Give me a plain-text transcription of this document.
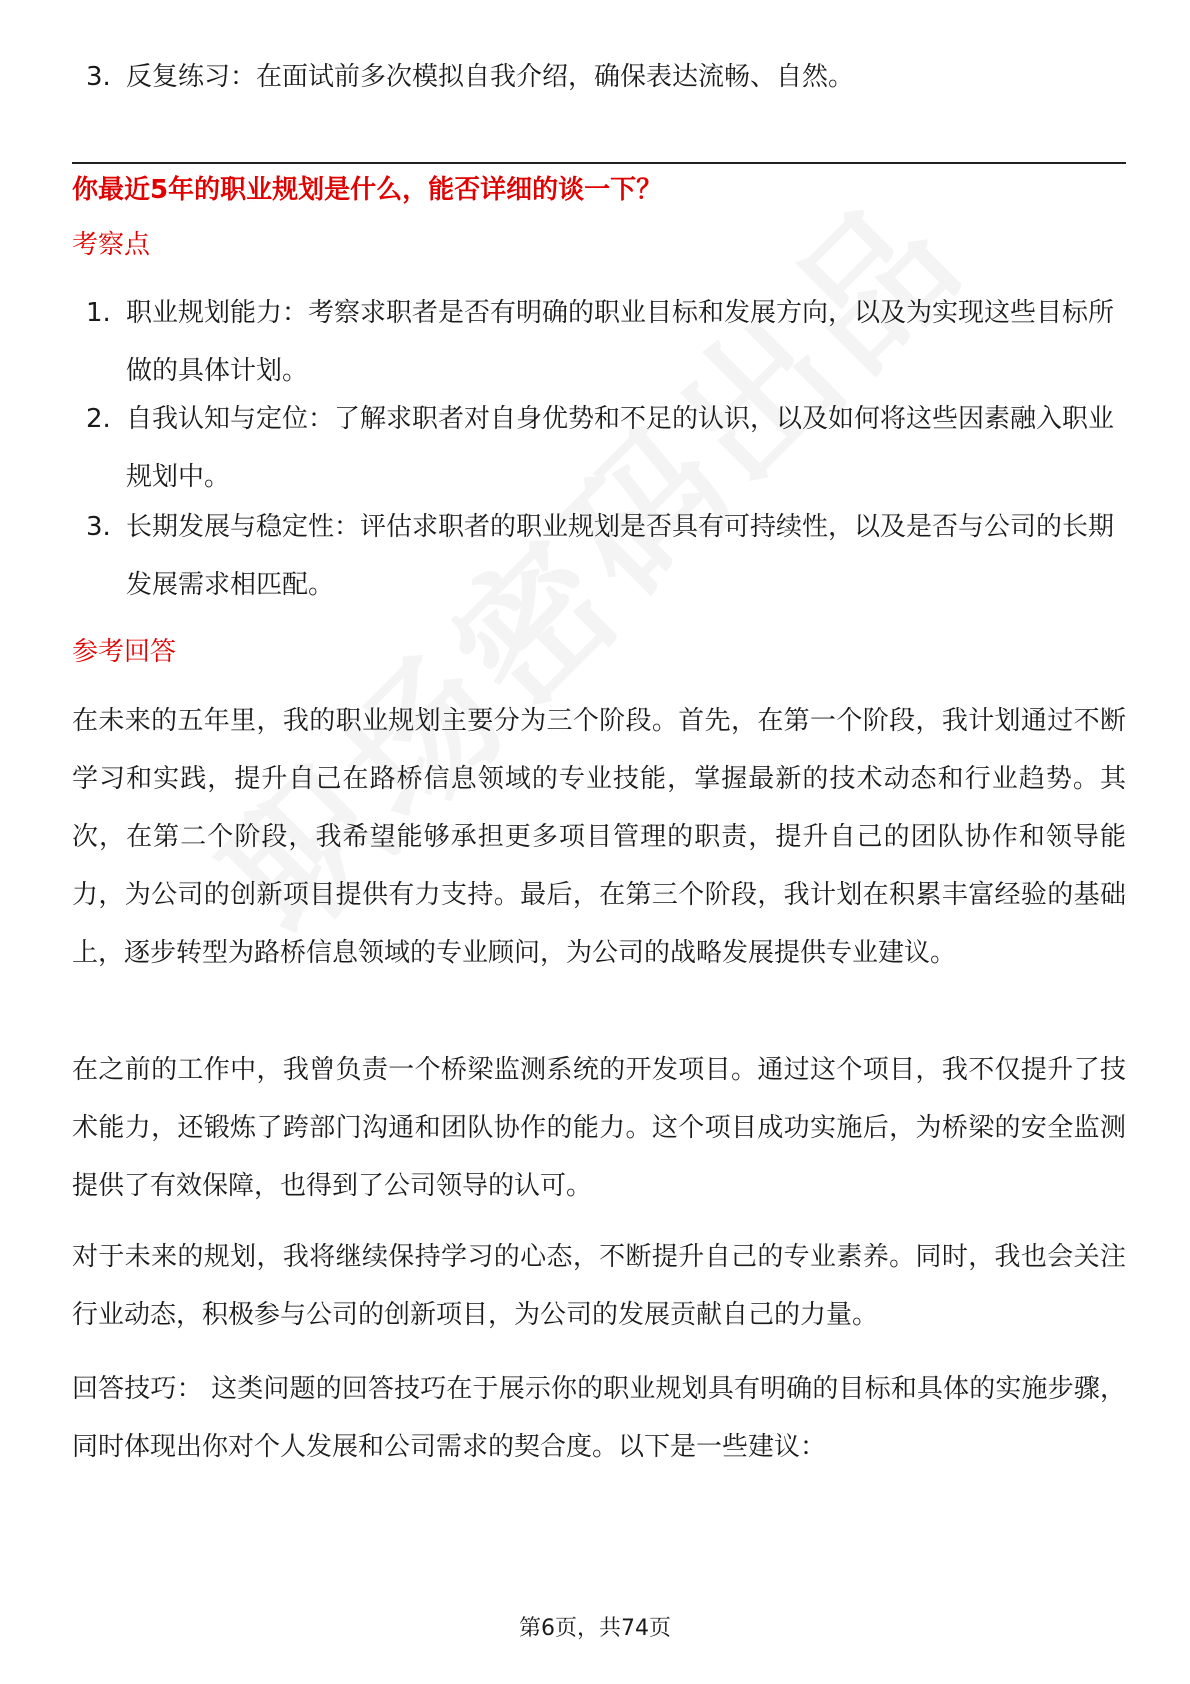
3. 反复练习：在面试前多次模拟自我介绍，确保表达流畅、自然。
你最近5年的职业规划是什么，能否详细的谈一下？
考察点
1. 职业规划能力：考察求职者是否有明确的职业目标和发展方向，以及为实现这些目标所做的具体计划。
2. 自我认知与定位：了解求职者对自身优势和不足的认识，以及如何将这些因素融入职业规划中。
3. 长期发展与稳定性：评估求职者的职业规划是否具有可持续性，以及是否与公司的长期发展需求相匹配。
参考回答
在未来的五年里，我的职业规划主要分为三个阶段。首先，在第一个阶段，我计划通过不断学习和实践，提升自己在路桥信息领域的专业技能，掌握最新的技术动态和行业趋势。其次，在第二个阶段，我希望能够承担更多项目管理的职责，提升自己的团队协作和领导能力，为公司的创新项目提供有力支持。最后，在第三个阶段，我计划在积累丰富经验的基础上，逐步转型为路桥信息领域的专业顾问，为公司的战略发展提供专业建议。
在之前的工作中，我曾负责一个桥梁监测系统的开发项目。通过这个项目，我不仅提升了技术能力，还锻炼了跨部门沟通和团队协作的能力。这个项目成功实施后，为桥梁的安全监测提供了有效保障，也得到了公司领导的认可。
对于未来的规划，我将继续保持学习的心态，不断提升自己的专业素养。同时，我也会关注行业动态，积极参与公司的创新项目，为公司的发展贡献自己的力量。
回答技巧： 这类问题的回答技巧在于展示你的职业规划具有明确的目标和具体的实施步骤，同时体现出你对个人发展和公司需求的契合度。以下是一些建议：
第6页，共74页
